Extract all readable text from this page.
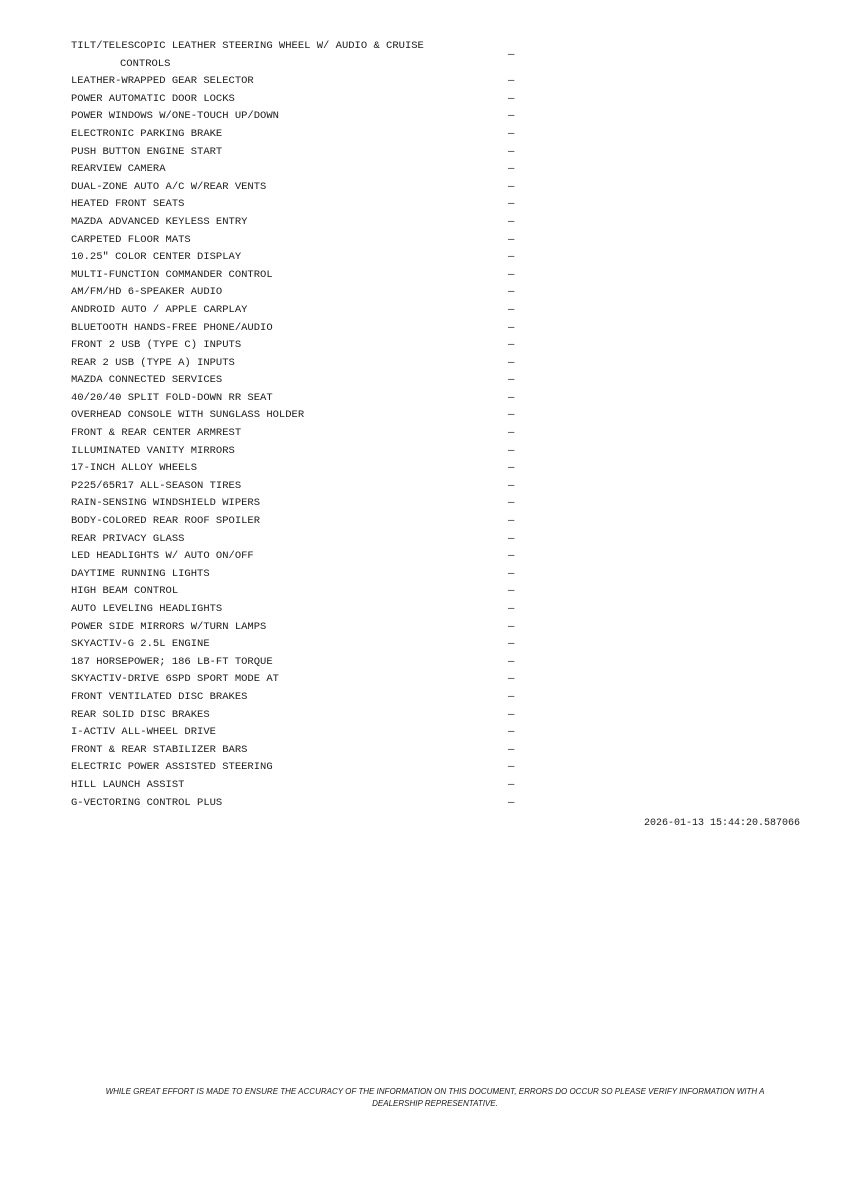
TILT/TELESCOPIC LEATHER STEERING WHEEL W/ AUDIO & CRUISE
CONTROLS
—
LEATHER-WRAPPED GEAR SELECTOR	—
POWER AUTOMATIC DOOR LOCKS	—
POWER WINDOWS W/ONE-TOUCH UP/DOWN	—
ELECTRONIC PARKING BRAKE	—
PUSH BUTTON ENGINE START	—
REARVIEW CAMERA	—
DUAL-ZONE AUTO A/C W/REAR VENTS	—
HEATED FRONT SEATS	—
MAZDA ADVANCED KEYLESS ENTRY	—
CARPETED FLOOR MATS	—
10.25" COLOR CENTER DISPLAY	—
MULTI-FUNCTION COMMANDER CONTROL	—
AM/FM/HD 6-SPEAKER AUDIO	—
ANDROID AUTO / APPLE CARPLAY	—
BLUETOOTH HANDS-FREE PHONE/AUDIO	—
FRONT 2 USB (TYPE C) INPUTS	—
REAR 2 USB (TYPE A) INPUTS	—
MAZDA CONNECTED SERVICES	—
40/20/40 SPLIT FOLD-DOWN RR SEAT	—
OVERHEAD CONSOLE WITH SUNGLASS HOLDER	—
FRONT & REAR CENTER ARMREST	—
ILLUMINATED VANITY MIRRORS	—
17-INCH ALLOY WHEELS	—
P225/65R17 ALL-SEASON TIRES	—
RAIN-SENSING WINDSHIELD WIPERS	—
BODY-COLORED REAR ROOF SPOILER	—
REAR PRIVACY GLASS	—
LED HEADLIGHTS W/ AUTO ON/OFF	—
DAYTIME RUNNING LIGHTS	—
HIGH BEAM CONTROL	—
AUTO LEVELING HEADLIGHTS	—
POWER SIDE MIRRORS W/TURN LAMPS	—
SKYACTIV-G 2.5L ENGINE	—
187 HORSEPOWER; 186 LB-FT TORQUE	—
SKYACTIV-DRIVE 6SPD SPORT MODE AT	—
FRONT VENTILATED DISC BRAKES	—
REAR SOLID DISC BRAKES	—
I-ACTIV ALL-WHEEL DRIVE	—
FRONT & REAR STABILIZER BARS	—
ELECTRIC POWER ASSISTED STEERING	—
HILL LAUNCH ASSIST	—
G-VECTORING CONTROL PLUS	—
2026-01-13 15:44:20.587066
WHILE GREAT EFFORT IS MADE TO ENSURE THE ACCURACY OF THE INFORMATION ON THIS DOCUMENT, ERRORS DO OCCUR SO PLEASE VERIFY INFORMATION WITH A
DEALERSHIP REPRESENTATIVE.
